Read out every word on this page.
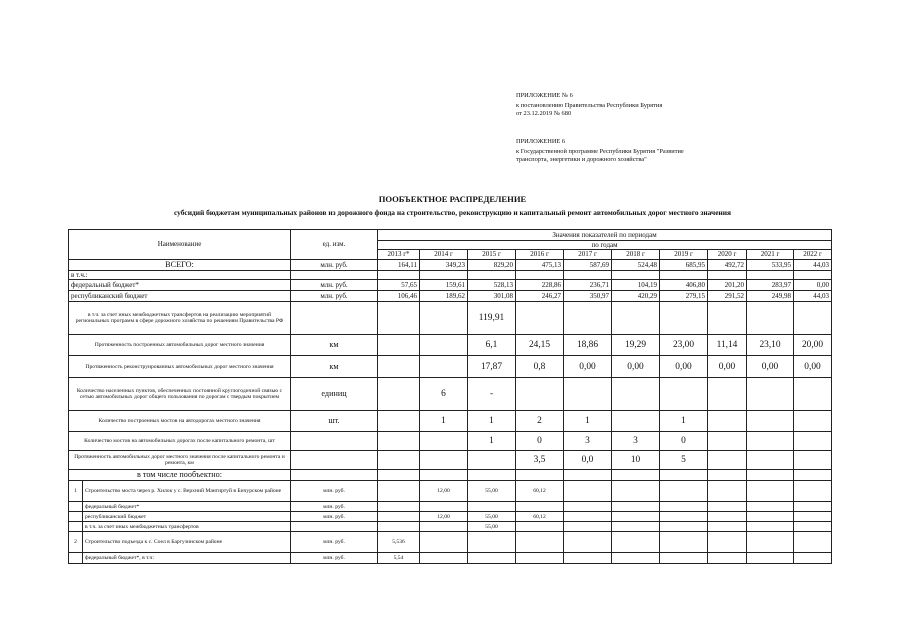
ПРИЛОЖЕНИЕ № 6
к постановлению Правительства Республики Бурятия
от 23.12.2019 № 680
ПРИЛОЖЕНИЕ 6
к Государственной программе Республики Бурятия "Развитие
транспорта, энергетики и дорожного хозяйства"
ПООБЪЕКТНОЕ РАСПРЕДЕЛЕНИЕ
субсидий бюджетам муниципальных районов из дорожного фонда на строительство, реконструкцию и капитальный ремонт автомобильных дорог местного значения
Наименование		ед. изм.	Значения показателей по периодам									
			по годам									
			2013 г*	2014 г	2015 г	2016 г	2017 г	2018 г	2019 г	2020 г	2021 г	2022 г
ВСЕГО:		млн. руб.	164,11	349,23	829,20	475,13	587,69	524,48	685,95	492,72	533,95	44,03
в т.ч.:												
федеральный бюджет*		млн. руб.	57,65	159,61	528,13	228,86	236,71	104,19	406,80	201,20	283,97	0,00
республиканский бюджет		млн. руб.	106,46	189,62	301,08	246,27	350,97	420,29	279,15	291,52	249,98	44,03
в т.ч. за счет иных межбюджетных трансфертов на реализацию мероприятий региональных программ в сфере дорожного хозяйства по решениям Правительства РФ					119,91							
Протяженность построенных автомобильных дорог местного значения		км			6,1	24,15	18,86	19,29	23,00	11,14	23,10	20,00
Протяженность реконструированных автомобильных дорог местного значения		км			17,87	0,8	0,00	0,00	0,00	0,00	0,00	0,00
Количество населенных пунктов, обеспеченных постоянной круглогодичной связью с сетью автомобильных дорог общего пользования по дорогам с твердым покрытием		единиц		6	-							
Количество построенных мостов на автодорогах местного значения		шт.		1	1	2	1		1			
Количество мостов на автомобильных дорогах после капитального ремонта, шт					1	0	3	3	0			
Протяженность автомобильных дорог местного значения после капитального ремонта и ремонта, км						3,5	0,0	10	5			
в том числе пообъектно:												
1	Строительство моста через р. Хилок у с. Верхний Мангиртуй в Бичурском районе	млн. руб.		12,00	55,00	60,12						
	федеральный бюджет*	млн. руб.										
	республиканский бюджет	млн. руб.		12,00	55,00	60,12						
	в т.ч. за счет иных межбюджетных трансфертов				55,00							
2	Строительство подъезда к с. Соел в Баргузинском районе	млн. руб.	5,536									
	федеральный бюджет*, в т.ч:	млн. руб.	5,54									
